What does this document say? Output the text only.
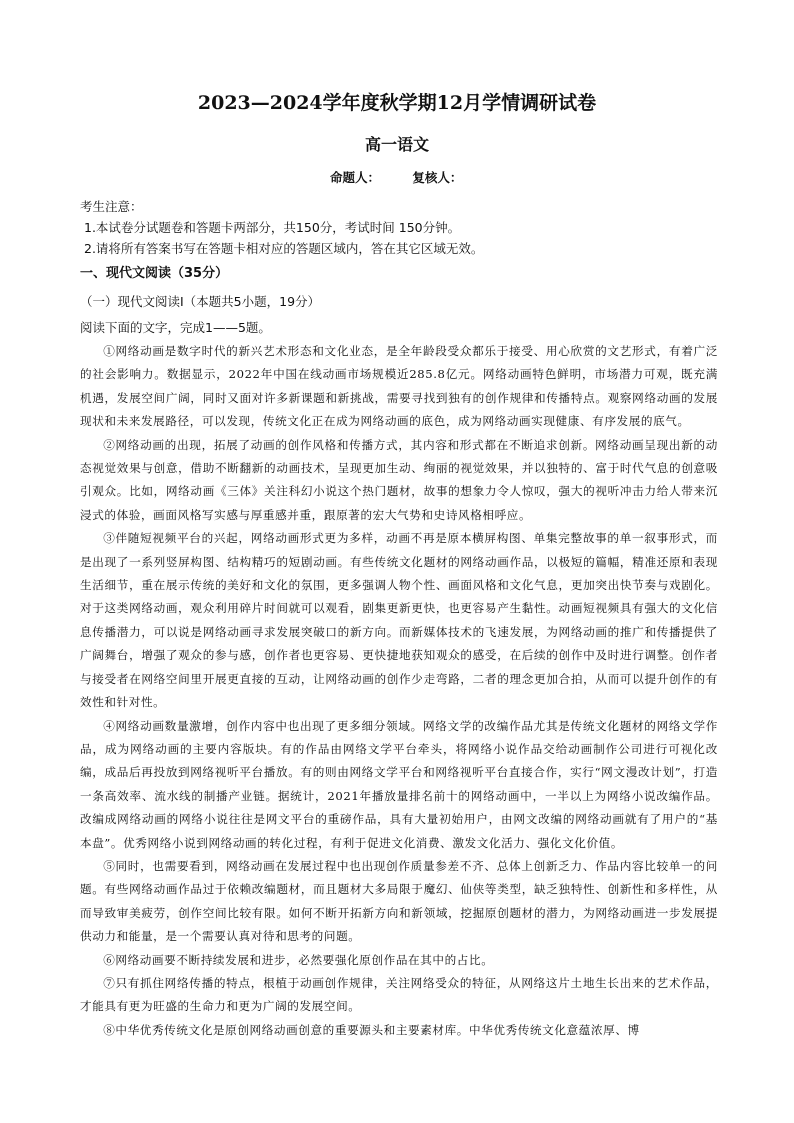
2023—2024学年度秋学期12月学情调研试卷
高一语文
命题人：	复核人：
考生注意：
1.本试卷分试题卷和答题卡两部分，共150分，考试时间 150分钟。
2.请将所有答案书写在答题卡相对应的答题区域内，答在其它区域无效。
一、现代文阅读（35分）
（一）现代文阅读Ⅰ（本题共5小题，19分）
阅读下面的文字，完成1——5题。

①网络动画是数字时代的新兴艺术形态和文化业态，是全年龄段受众都乐于接受、用心欣赏的文艺形式，有着广泛的社会影响力。数据显示，2022年中国在线动画市场规模近285.8亿元。网络动画特色鲜明，市场潜力可观，既充满机遇，发展空间广阔，同时又面对许多新课题和新挑战，需要寻找到独有的创作规律和传播特点。观察网络动画的发展现状和未来发展路径，可以发现，传统文化正在成为网络动画的底色，成为网络动画实现健康、有序发展的底气。

②网络动画的出现，拓展了动画的创作风格和传播方式，其内容和形式都在不断追求创新。网络动画呈现出新的动态视觉效果与创意，借助不断翻新的动画技术，呈现更加生动、绚丽的视觉效果，并以独特的、富于时代气息的创意吸引观众。比如，网络动画《三体》关注科幻小说这个热门题材，故事的想象力令人惊叹，强大的视听冲击力给人带来沉浸式的体验，画面风格写实感与厚重感并重，跟原著的宏大气势和史诗风格相呼应。

③伴随短视频平台的兴起，网络动画形式更为多样，动画不再是原本横屏构图、单集完整故事的单一叙事形式，而是出现了一系列竖屏构图、结构精巧的短剧动画。有些传统文化题材的网络动画作品，以极短的篇幅，精准还原和表现生活细节，重在展示传统的美好和文化的氛围，更多强调人物个性、画面风格和文化气息，更加突出快节奏与戏剧化。对于这类网络动画，观众利用碎片时间就可以观看，剧集更新更快，也更容易产生黏性。动画短视频具有强大的文化信息传播潜力，可以说是网络动画寻求发展突破口的新方向。而新媒体技术的飞速发展，为网络动画的推广和传播提供了广阔舞台，增强了观众的参与感，创作者也更容易、更快捷地获知观众的感受，在后续的创作中及时进行调整。创作者与接受者在网络空间里开展更直接的互动，让网络动画的创作少走弯路，二者的理念更加合拍，从而可以提升创作的有效性和针对性。

④网络动画数量激增，创作内容中也出现了更多细分领域。网络文学的改编作品尤其是传统文化题材的网络文学作品，成为网络动画的主要内容版块。有的作品由网络文学平台牵头，将网络小说作品交给动画制作公司进行可视化改编，成品后再投放到网络视听平台播放。有的则由网络文学平台和网络视听平台直接合作，实行“网文漫改计划”，打造一条高效率、流水线的制播产业链。据统计，2021年播放量排名前十的网络动画中，一半以上为网络小说改编作品。改编成网络动画的网络小说往往是网文平台的重磅作品，具有大量初始用户，由网文改编的网络动画就有了用户的“基本盘”。优秀网络小说到网络动画的转化过程，有利于促进文化消费、激发文化活力、强化文化价值。

⑤同时，也需要看到，网络动画在发展过程中也出现创作质量参差不齐、总体上创新乏力、作品内容比较单一的问题。有些网络动画作品过于依赖改编题材，而且题材大多局限于魔幻、仙侠等类型，缺乏独特性、创新性和多样性，从而导致审美疲劳，创作空间比较有限。如何不断开拓新方向和新领域，挖掘原创题材的潜力，为网络动画进一步发展提供动力和能量，是一个需要认真对待和思考的问题。

⑥网络动画要不断持续发展和进步，必然要强化原创作品在其中的占比。

⑦只有抓住网络传播的特点，根植于动画创作规律，关注网络受众的特征，从网络这片土地生长出来的艺术作品，才能具有更为旺盛的生命力和更为广阔的发展空间。

⑧中华优秀传统文化是原创网络动画创意的重要源头和主要素材库。中华优秀传统文化意蕴浓厚、博
